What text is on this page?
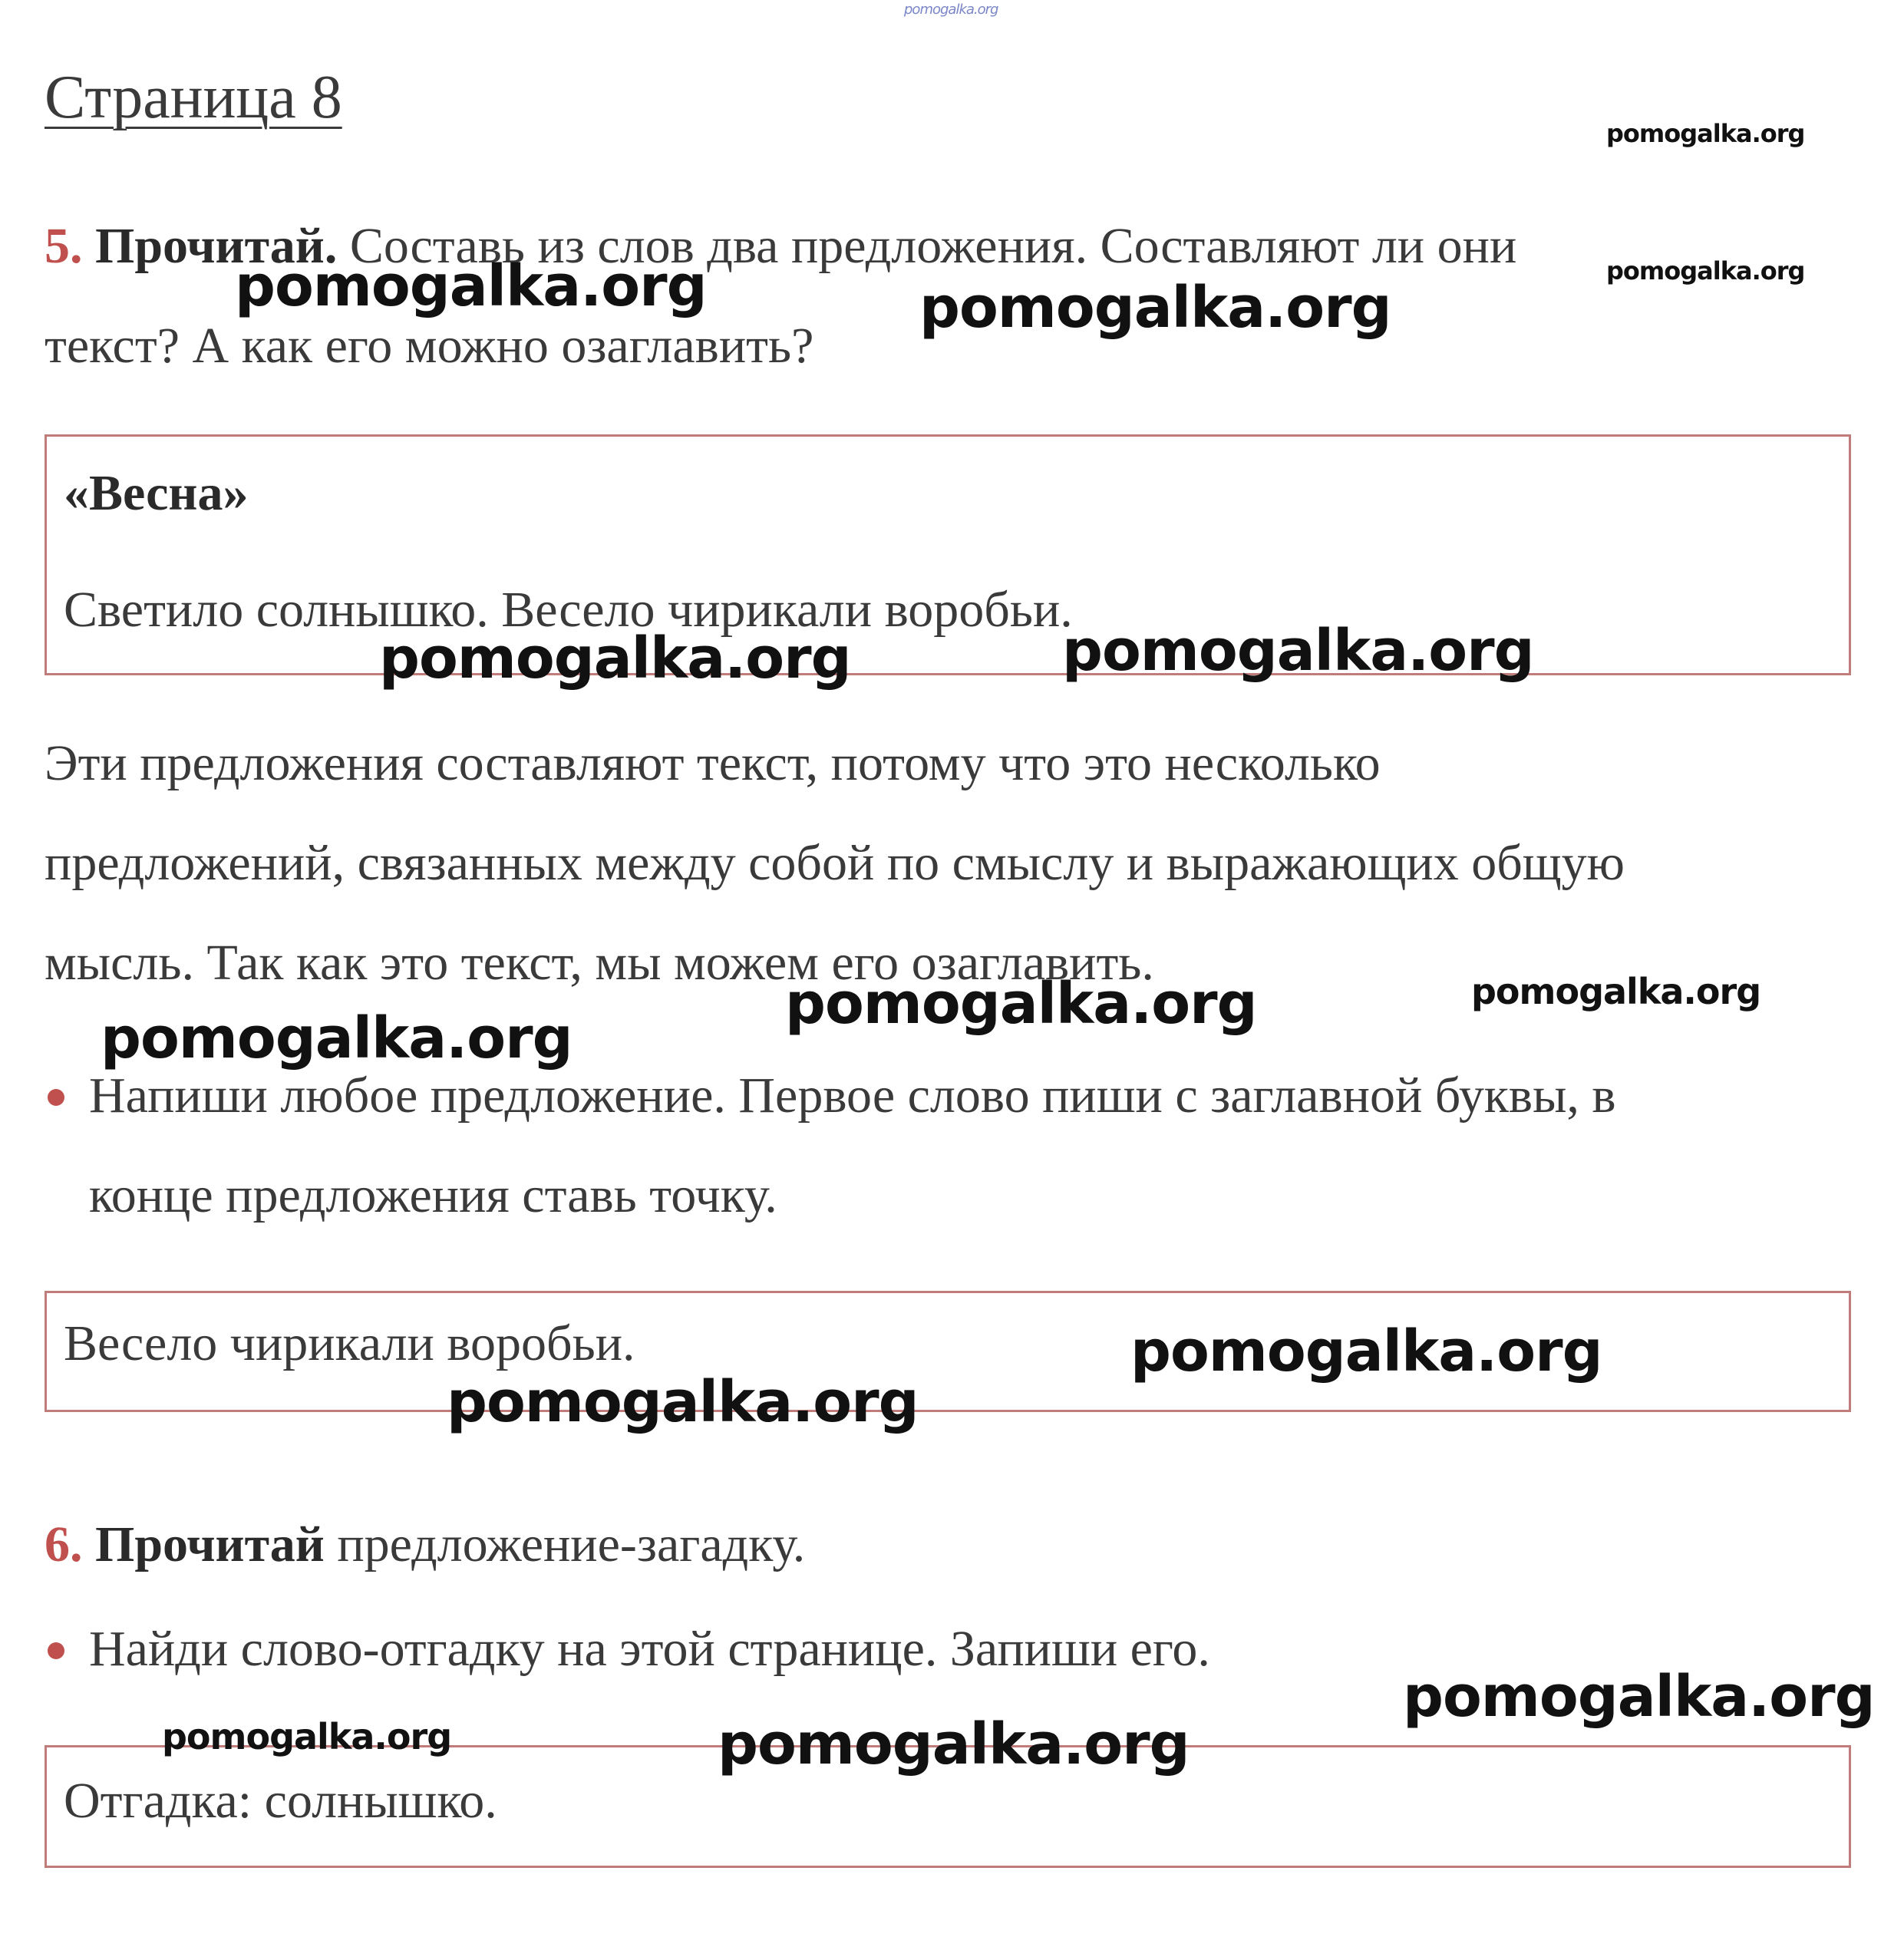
pomogalka.org
Страница 8
5. Прочитай. Составь из слов два предложения. Составляют ли они
текст? А как его можно озаглавить?
«Весна»
Светило солнышко. Весело чирикали воробьи.
Эти предложения составляют текст, потому что это несколько
предложений, связанных между собой по смыслу и выражающих общую
мысль. Так как это текст, мы можем его озаглавить.
Напиши любое предложение. Первое слово пиши с заглавной буквы, в
конце предложения ставь точку.
Весело чирикали воробьи.
6. Прочитай предложение-загадку.
Найди слово-отгадку на этой странице. Запиши его.
Отгадка: солнышко.
pomogalka.org
pomogalka.org
pomogalka.org	pomogalka.org
pomogalka.org	pomogalka.org
pomogalka.org
pomogalka.org
pomogalka.org
pomogalka.org
pomogalka.org
pomogalka.org
pomogalka.org	pomogalka.org
